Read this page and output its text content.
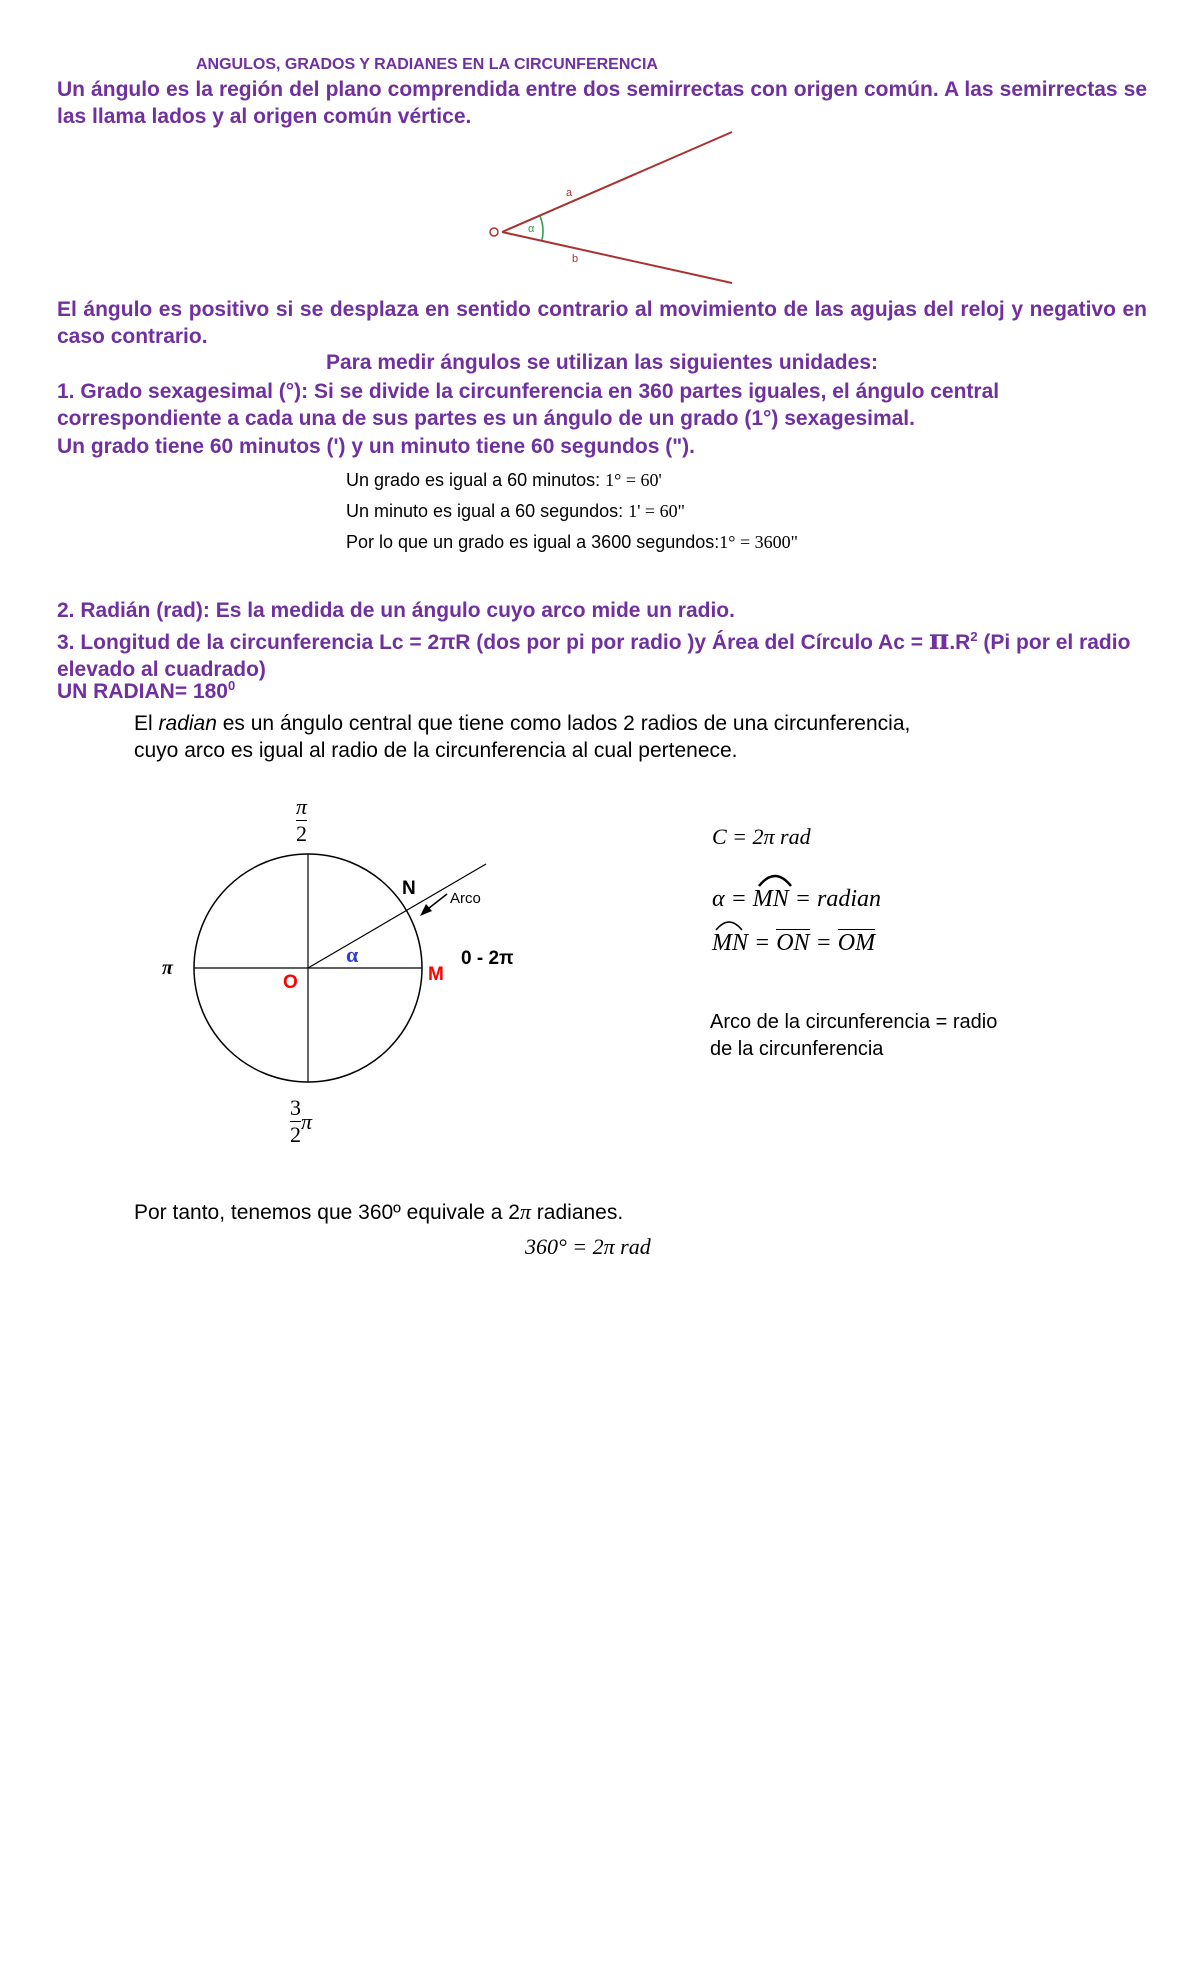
ANGULOS, GRADOS Y RADIANES EN LA CIRCUNFERENCIA
Un ángulo es la región del plano comprendida entre dos semirrectas con origen común. A las semirrectas se las llama lados y al origen común vértice.
α
a
b
El ángulo es positivo si se desplaza en sentido contrario al movimiento de las agujas del reloj y negativo en caso contrario.
Para medir ángulos se utilizan las siguientes unidades:
1. Grado sexagesimal (°): Si se divide la circunferencia en 360 partes iguales, el ángulo central correspondiente a cada una de sus partes es un ángulo de un grado (1°) sexagesimal.
Un grado tiene 60 minutos (') y un minuto tiene 60 segundos (").
Un grado es igual a 60 minutos: 1° = 60'
Un minuto es igual a 60 segundos: 1' = 60"
Por lo que un grado es igual a 3600 segundos:1° = 3600"
2. Radián (rad): Es la medida de un ángulo cuyo arco mide un radio.
3. Longitud de la circunferencia Lc = 2πR (dos por pi por radio )y Área del Círculo $Ac = \pi.R^2$ (Pi por el radio elevado al cuadrado)
UN RADIAN= $180^0$
El radian es un ángulo central que tiene como lados 2 radios de una circunferencia,
cuyo arco es igual al radio de la circunferencia al cual pertenece.
Arco
N
M
O
α	0 - 2π
π
π
2
$\frac{3}{2}$ π
C = 2π rad
α =
MN = radian
MN = ON = OM
Arco de la circunferencia = radio
de la circunferencia
Por tanto, tenemos que 360º equivale a 2π radianes.
360° = 2π rad
